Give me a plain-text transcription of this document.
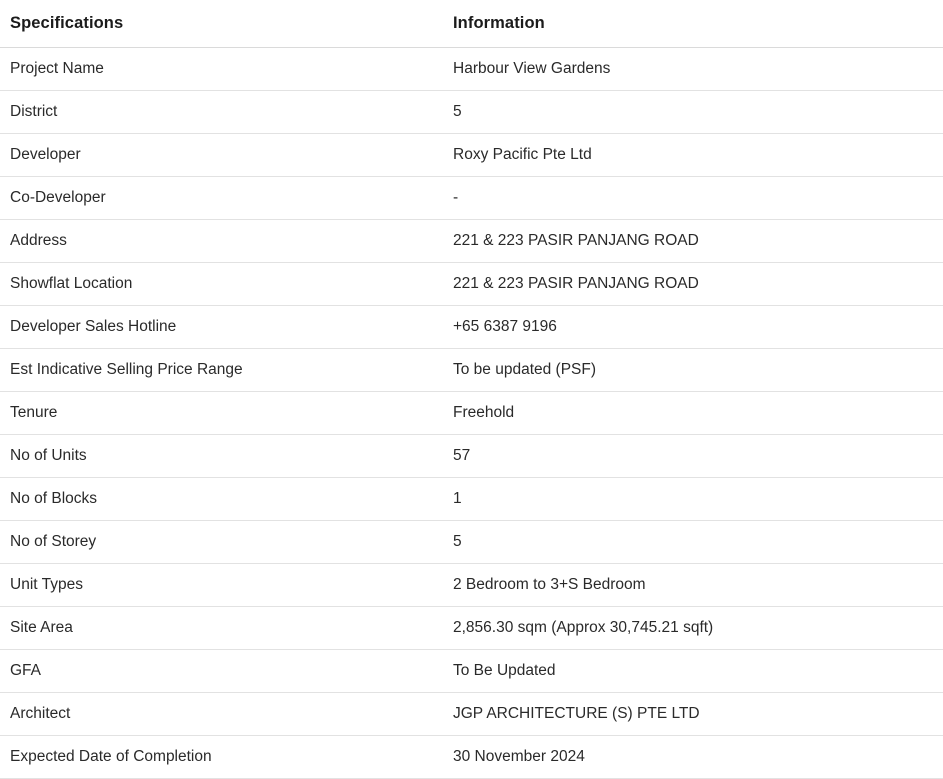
Specifications	Information
Project Name	Harbour View Gardens
District	5
Developer	Roxy Pacific Pte Ltd
Co-Developer	-
Address	221 & 223 PASIR PANJANG ROAD
Showflat Location	221 & 223 PASIR PANJANG ROAD
Developer Sales Hotline	+65 6387 9196
Est Indicative Selling Price Range	To be updated (PSF)
Tenure	Freehold
No of Units	57
No of Blocks	1
No of Storey	5
Unit Types	2 Bedroom to 3+S Bedroom
Site Area	2,856.30 sqm (Approx 30,745.21 sqft)
GFA	To Be Updated
Architect	JGP ARCHITECTURE (S) PTE LTD
Expected Date of Completion	30 November 2024
